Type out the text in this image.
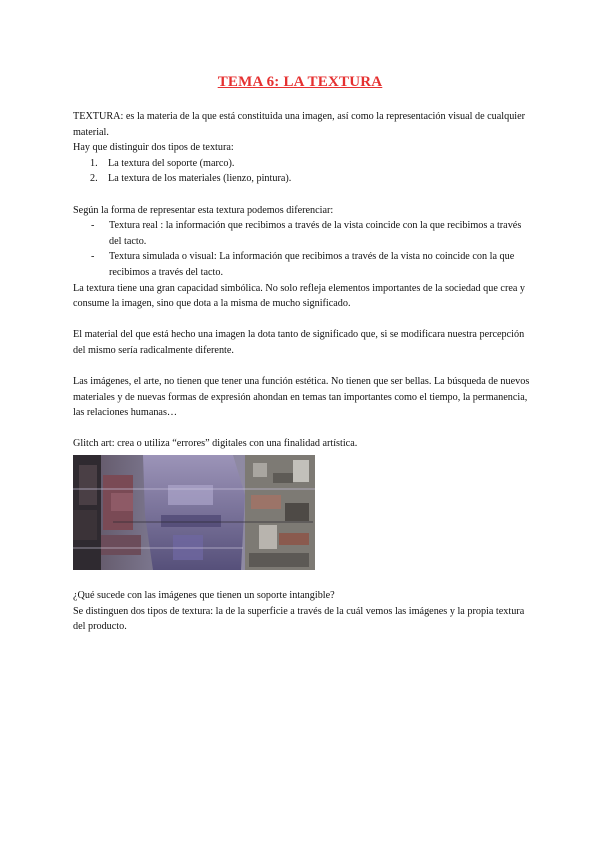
TEMA 6: LA TEXTURA

TEXTURA: es la materia de la que está constituida una imagen, así como la representación visual de cualquier material.

Hay que distinguir dos tipos de textura:

1. La textura del soporte (marco).
2. La textura de los materiales (lienzo, pintura).

Según la forma de representar esta textura podemos diferenciar:

- Textura real : la información que recibimos a través de la vista coincide con la que recibimos a través del tacto.
- Textura simulada o visual: La información que recibimos a través de la vista no coincide con la que recibimos a través del tacto.

La textura tiene una gran capacidad simbólica. No solo refleja elementos importantes de la sociedad que crea y consume la imagen, sino que dota a la misma de mucho significado.

El material del que está hecho una imagen la dota tanto de significado que, si se modificara nuestra percepción del mismo sería radicalmente diferente.

Las imágenes, el arte, no tienen que tener una función estética. No tienen que ser bellas. La búsqueda de nuevos materiales y de nuevas formas de expresión ahondan en temas tan importantes como el tiempo, la permanencia, las relaciones humanas…

Glitch art: crea o utiliza “errores” digitales con una finalidad artística.

¿Qué sucede con las imágenes que tienen un soporte intangible?

Se distinguen dos tipos de textura: la de la superficie a través de la cuál vemos las imágenes y la propia textura del producto.
